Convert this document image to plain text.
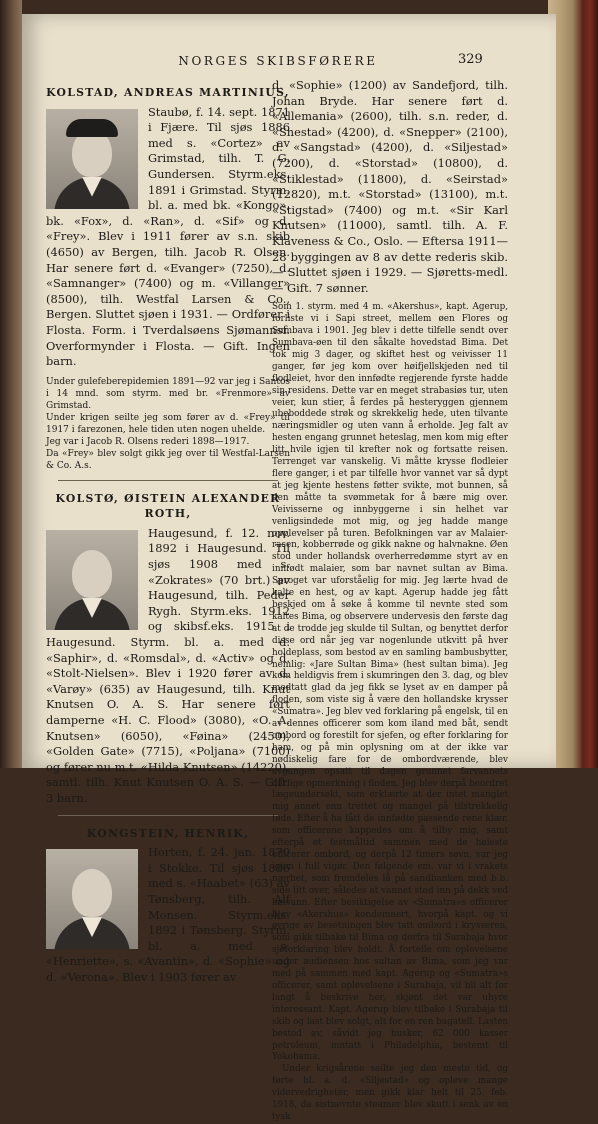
NORGES SKIBSFØRERE	329
KOLSTAD, ANDREAS MARTINIUS,
Staubø, f. 14. sept. 1871 i Fjære. Til sjøs 1886 med s. «Cortez» av Grimstad, tilh. T. G. Gundersen. Styrm.eks. 1891 i Grimstad. Styrm. bl. a. med bk. «Kongo», bk. «Fox», d. «Ran», d. «Sif» og d. «Frey». Blev i 1911 fører av s.n. skib (4650) av Bergen, tilh. Jacob R. Olsen. Har senere ført d. «Evanger» (7250), d. «Samnanger» (7400) og m. «Villanger» (8500), tilh. Westfal Larsen & Co., Bergen. Sluttet sjøen i 1931. — Ordfører i Flosta. Form. i Tverdalsøens Sjømannsf. Overformynder i Flosta. — Gift. Ingen barn.
Under gulefeberepidemien 1891—92 var jeg i Santos i 14 mnd. som styrm. med br. «Frenmore» av Grimstad.
Under krigen seilte jeg som fører av d. «Frey» til 1917 i farezonen, hele tiden uten nogen uhelde.
Jeg var i Jacob R. Olsens rederi 1898—1917.
Da «Frey» blev solgt gikk jeg over til Westfal-Larsen & Co. A.s.
KOLSTØ, ØISTEIN ALEXANDER ROTH,
Haugesund, f. 12. nov. 1892 i Haugesund. Til sjøs 1908 med s. «Zokrates» (70 brt.) av Haugesund, tilh. Peder Rygh. Styrm.eks. 1912 og skibsf.eks. 1915 i Haugesund. Styrm. bl. a. med d. «Saphir», d. «Romsdal», d. «Activ» og d. «Stolt-Nielsen». Blev i 1920 fører av d. «Varøy» (635) av Haugesund, tilh. Knut Knutsen O. A. S. Har senere ført damperne «H. C. Flood» (3080), «O. A. Knutsen» (6050), «Føina» (2450), «Golden Gate» (7715), «Poljana» (7100) og fører nu m.t. «Hilda Knutsen» (14220), samtl. tilh. Knut Knutsen O. A. S. — Gift. 3 barn.
KONGSTEIN, HENRIK,
Horten, f. 24. jan. 1870 i Stokke. Til sjøs 1886 med s. «Haabet» (63) av Tønsberg, tilh. Alf Monsen. Styrm.eks. 1892 i Tønsberg. Styrm. bl. a. med s. «Henriette», s. «Avantin», d. «Sophie» og d. «Verona». Blev i 1903 fører av
d. «Sophie» (1200) av Sandefjord, tilh. Johan Bryde. Har senere ført d. «Allemania» (2600), tilh. s.n. reder, d. «Snestad» (4200), d. «Snepper» (2100), d. «Sangstad» (4200), d. «Siljestad» (7200), d. «Storstad» (10800), d. «Stiklestad» (11800), d. «Seirstad» (12820), m.t. «Storstad» (13100), m.t. «Stigstad» (7400) og m.t. «Sir Karl Knutsen» (11000), samtl. tilh. A. F. Klaveness & Co., Oslo. — Eftersa 1911—28 byggingen av 8 av dette rederis skib. — Sluttet sjøen i 1929. — Sjøretts-medl. — Gift. 7 sønner.
Som 1. styrm. med 4 m. «Akershus», kapt. Agerup, forliste vi i Sapi street, mellem øen Flores og Sumbava i 1901. Jeg blev i dette tilfelle sendt over Sumbava-øen til den såkalte hovedstad Bima. Det tok mig 3 dager, og skiftet hest og veivisser 11 ganger, før jeg kom over høifjellskjeden ned til flodleiet, hvor den innfødte regjerende fyrste hadde sin residens. Dette var en meget strabasiøs tur, uten veier, kun stier, å ferdes på hesteryggen gjennem ubeboddede strøk og skrekkelig hede, uten tilvante næringsmidler og uten vann å erholde. Jeg falt av hesten engang grunnet heteslag, men kom mig efter litt hvile igjen til krefter nok og fortsatte reisen. Terrenget var vanskelig. Vi måtte krysse flodleier flere ganger, i et par tilfelle hvor vannet var så dypt at jeg kjente hestens føtter svikte, mot bunnen, så den måtte ta svømmetak for å bære mig over. Veivisserne og innbyggerne i sin helhet var venligsindede mot mig, og jeg hadde mange opplevelser på turen. Befolkningen var av Malaier-rasen, kobberrøde og gikk nakne og halvnakne. Øen stod under hollandsk overherredømme styrt av en innfødt malaier, som bar navnet sultan av Bima. Sproget var uforståelig for mig. Jeg lærte hvad de kalte en hest, og av kapt. Agerup hadde jeg fått beskjed om å søke å komme til nevnte sted som kaltes Bima, og observere undervesis den første dag at de trodde jeg skulde til Sultan, og benyttet derfor disse ord når jeg var nogenlunde utkvitt på hver holdeplass, som bestod av en samling bambusbytter, nemlig: «Jare Sultan Bima» (hest sultan bima). Jeg kom heldigvis frem i skumringen den 3. dag, og blev modtatt glad da jeg fikk se lyset av en damper på floden, som viste sig å være den hollandske krysser «Sumatra». Jeg blev ved forklaring på engelsk, til en av dennes officerer som kom iland med båt, sendt ombord og forestilt for sjefen, og efter forklaring for ham, og på min oplysning om at der ikke var nødiskelig fare for de ombordværende, blev avgangen opsatt til dagen grunnet farvannets dårlige opmerkning i floden. Jeg blev derpå beordret lægeundersøkt, som erklærte at der intet manglet mig annet enn trettet og mangel på tilstrekkelig føde. Efter å ha fått de innfødte passende rene klær, som officerene kappedes om å tilby mig, samt efterpå et festmåltid sammen med de høieste officerer ombord, og derpå 12 timers søvn, var jeg igjen i full vigør. Den følgende em. var vi i vrakets nærhet, som fremdeles lå på sandbanken med b.b. side litt over, således at vannet stod inn på dekk ved høivann. Efter besiktigelse av «Sumatra»s officerer blev «Akershus» kondemnert, hvorpå kapt. og vi øvrige av besetningen blev tatt ombord i krysseren, som gikk tilbake til Bima og derfra til Surabaja hvor sjøforklaring blev holdt. Å fortelle om oplevelsene under audiensen hos sultan av Bima, som jeg var med på sammen med kapt. Agerup og «Sumatra»s officerer, samt oplevelsene i Surabaja, vil bli alt for langt å beskrive her, skjønt det var uhyre interessant. Kapt. Agerup blev tilbake i Surabaja til skib og last blev solgt, alt for en ren bagatell. Lasten bestod av, såvidt jeg husker, 62 000 kasser petroleum, inntatt i Philadelphia, bestemt til Yokohama.
Under krigsårene seilte jeg den meste tid, og førte bl. a. d. «Siljestad» og opleve mange vidervedrigheter, men gikk klar helt til 25. feb. 1918, da sistnevnte steamer blev skutt i senk av en tysk
